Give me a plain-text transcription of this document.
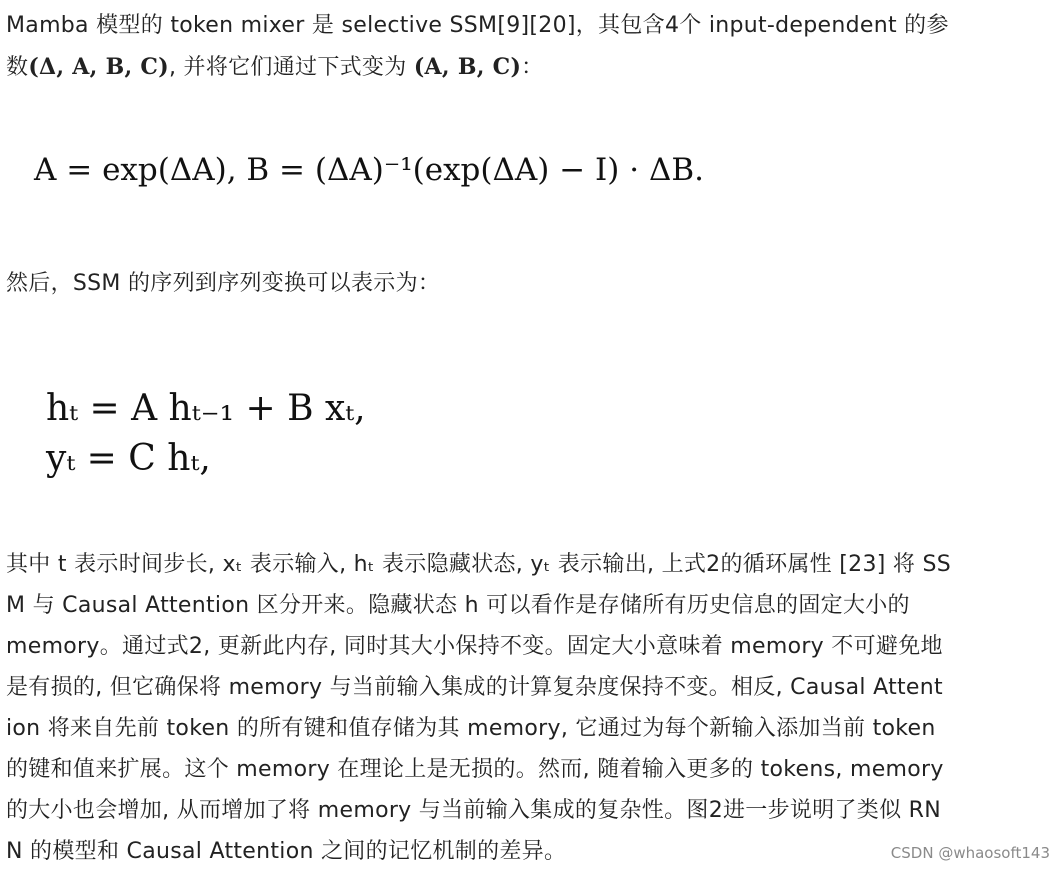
Mamba 模型的 token mixer 是 selective SSM[9][20]，其包含4个 input-dependent 的参
数(Δ, A, B, C), 并将它们通过下式变为 (A, B, C)：
A = exp(ΔA), B = (ΔA)⁻¹(exp(ΔA) − I) · ΔB.
然后，SSM 的序列到序列变换可以表示为：
hₜ = A hₜ₋₁ + B xₜ,
yₜ = C hₜ,
其中 t 表示时间步长, xₜ 表示输入, hₜ 表示隐藏状态, yₜ 表示输出, 上式2的循环属性 [23] 将 SS
M 与 Causal Attention 区分开来。隐藏状态 h 可以看作是存储所有历史信息的固定大小的
memory。通过式2, 更新此内存, 同时其大小保持不变。固定大小意味着 memory 不可避免地
是有损的, 但它确保将 memory 与当前输入集成的计算复杂度保持不变。相反, Causal Attent
ion 将来自先前 token 的所有键和值存储为其 memory, 它通过为每个新输入添加当前 token
的键和值来扩展。这个 memory 在理论上是无损的。然而, 随着输入更多的 tokens, memory
的大小也会增加, 从而增加了将 memory 与当前输入集成的复杂性。图2进一步说明了类似 RN
N 的模型和 Causal Attention 之间的记忆机制的差异。	CSDN @whaosoft143
